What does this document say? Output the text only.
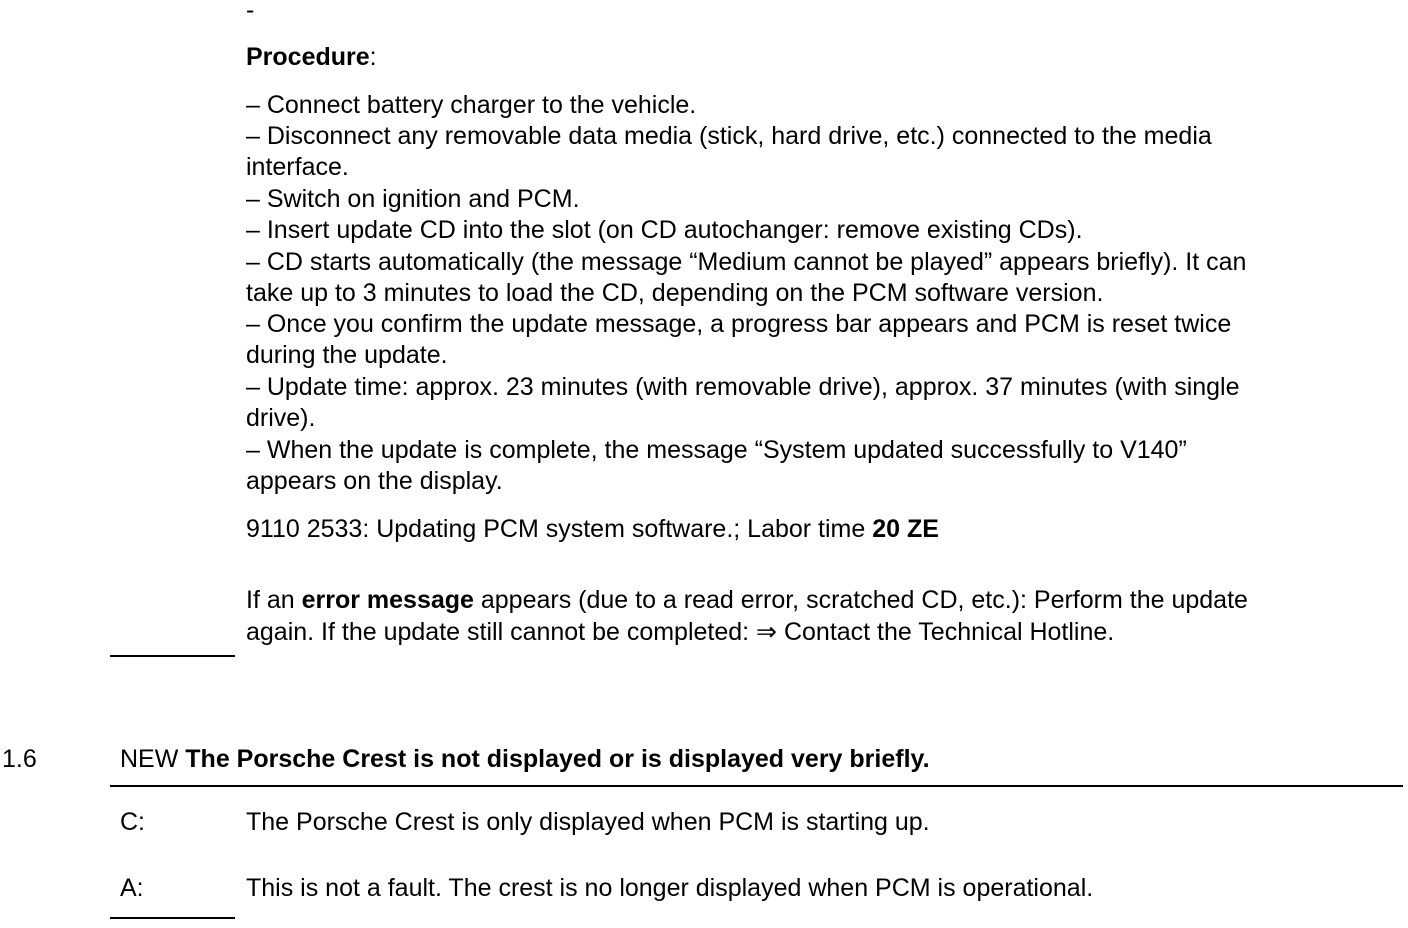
-
Procedure:
– Connect battery charger to the vehicle.
– Disconnect any removable data media (stick, hard drive, etc.) connected to the media
interface.
– Switch on ignition and PCM.
– Insert update CD into the slot (on CD autochanger: remove existing CDs).
– CD starts automatically (the message “Medium cannot be played” appears briefly). It can
take up to 3 minutes to load the CD, depending on the PCM software version.
– Once you confirm the update message, a progress bar appears and PCM is reset twice
during the update.
– Update time: approx. 23 minutes (with removable drive), approx. 37 minutes (with single
drive).
– When the update is complete, the message “System updated successfully to V140”
appears on the display.
9110 2533: Updating PCM system software.; Labor time 20 ZE
If an error message appears (due to a read error, scratched CD, etc.): Perform the update
again. If the update still cannot be completed: ⇒ Contact the Technical Hotline.
1.6	NEW The Porsche Crest is not displayed or is displayed very briefly.
C:	The Porsche Crest is only displayed when PCM is starting up.
A:	This is not a fault. The crest is no longer displayed when PCM is operational.
